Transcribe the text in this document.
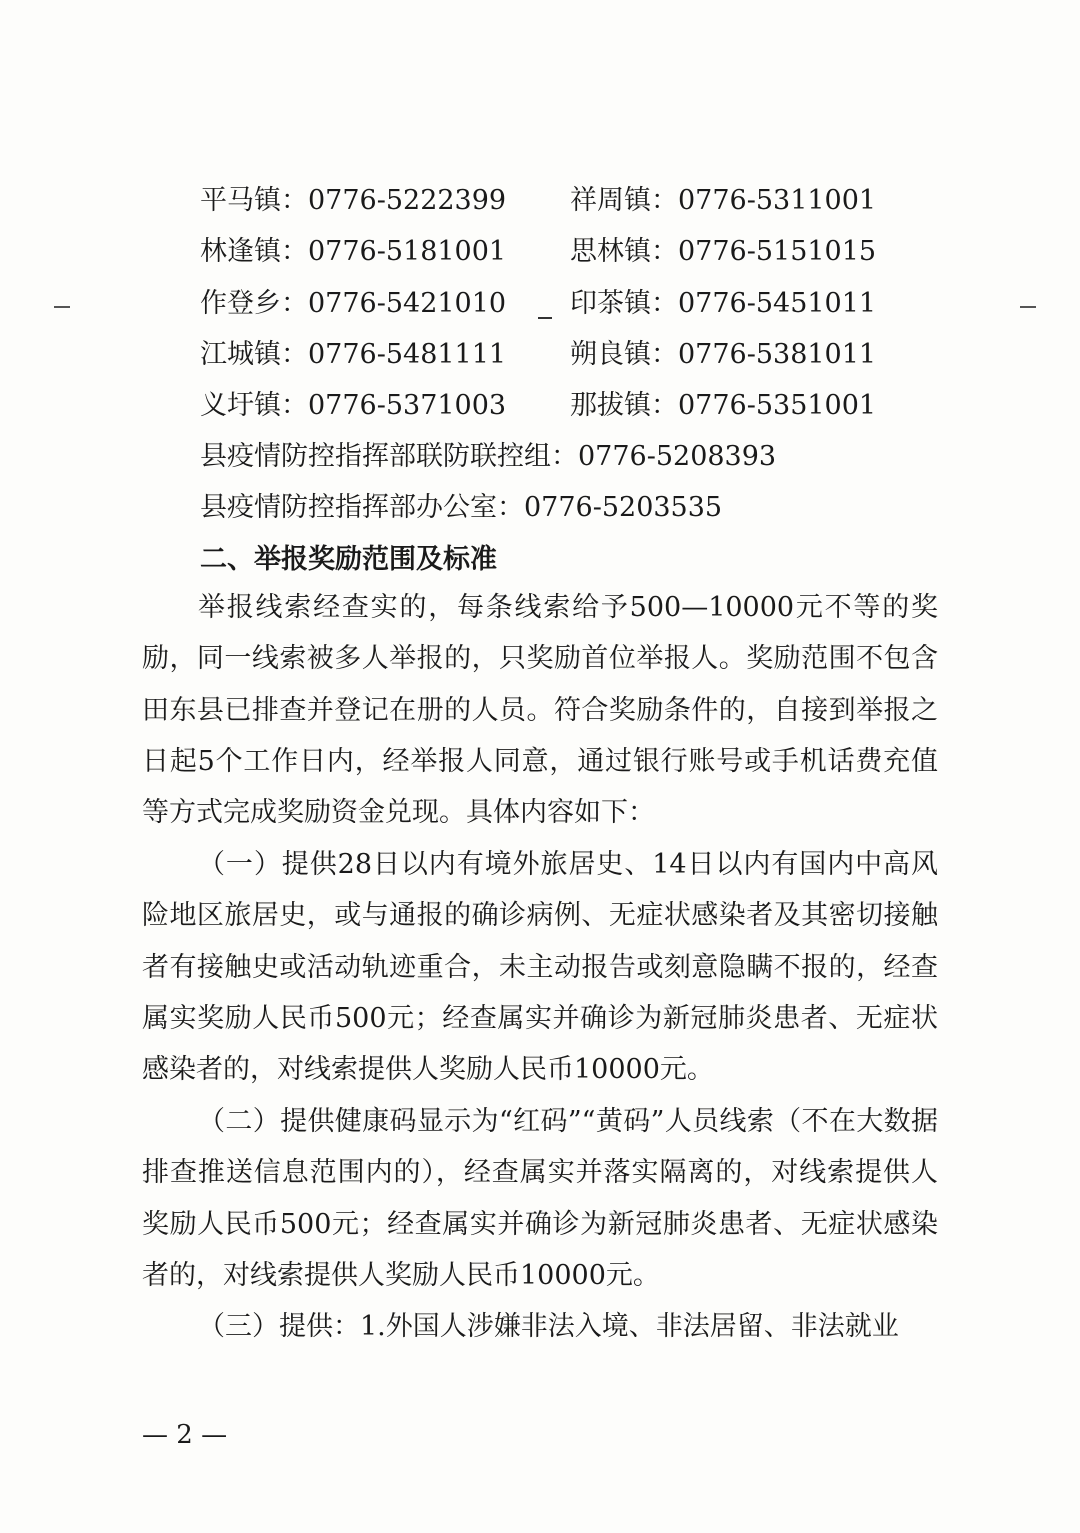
平马镇：0776-5222399 祥周镇：0776-5311001
林逢镇：0776-5181001 思林镇：0776-5151015
作登乡：0776-5421010 印茶镇：0776-5451011
江城镇：0776-5481111 朔良镇：0776-5381011
义圩镇：0776-5371003 那拔镇：0776-5351001
县疫情防控指挥部联防联控组：0776-5208393
县疫情防控指挥部办公室：0776-5203535
二、举报奖励范围及标准

举报线索经查实的，每条线索给予500—10000元不等的奖励，同一线索被多人举报的，只奖励首位举报人。奖励范围不包含田东县已排查并登记在册的人员。符合奖励条件的，自接到举报之日起5个工作日内，经举报人同意，通过银行账号或手机话费充值等方式完成奖励资金兑现。具体内容如下：

（一）提供28日以内有境外旅居史、14日以内有国内中高风险地区旅居史，或与通报的确诊病例、无症状感染者及其密切接触者有接触史或活动轨迹重合，未主动报告或刻意隐瞒不报的，经查属实奖励人民币500元；经查属实并确诊为新冠肺炎患者、无症状感染者的，对线索提供人奖励人民币10000元。

（二）提供健康码显示为“红码”“黄码”人员线索（不在大数据排查推送信息范围内的），经查属实并落实隔离的，对线索提供人奖励人民币500元；经查属实并确诊为新冠肺炎患者、无症状感染者的，对线索提供人奖励人民币10000元。

（三）提供：1.外国人涉嫌非法入境、非法居留、非法就业

— 2 —
